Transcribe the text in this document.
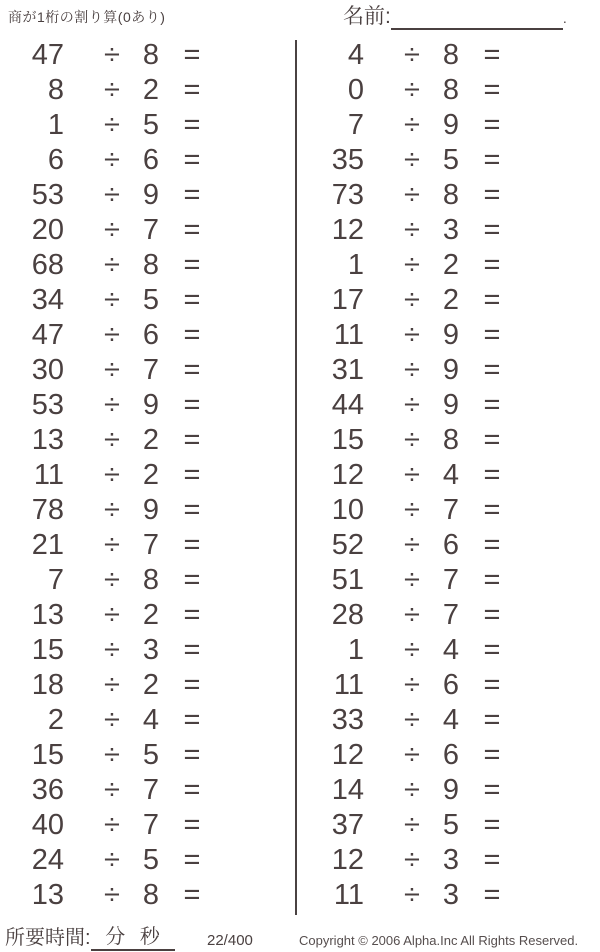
商が1桁の割り算(0あり)	名前:	.
47	÷ 8 =
8	÷ 2 =
1	÷ 5 =
6	÷ 6 =
53	÷ 9 =
20	÷ 7 =
68	÷ 8 =
34	÷ 5 =
47	÷ 6 =
30	÷ 7 =
53	÷ 9 =
13	÷ 2 =
11	÷ 2 =
78	÷ 9 =
21	÷ 7 =
7	÷ 8 =
13	÷ 2 =
15	÷ 3 =
18	÷ 2 =
2	÷ 4 =
15	÷ 5 =
36	÷ 7 =
40	÷ 7 =
24	÷ 5 =
13	÷ 8 =
4	÷ 8 =
0	÷ 8 =
7	÷ 9 =
35	÷ 5 =
73	÷ 8 =
12	÷ 3 =
1	÷ 2 =
17	÷ 2 =
11	÷ 9 =
31	÷ 9 =
44	÷ 9 =
15	÷ 8 =
12	÷ 4 =
10	÷ 7 =
52	÷ 6 =
51	÷ 7 =
28	÷ 7 =
1	÷ 4 =
11	÷ 6 =
33	÷ 4 =
12	÷ 6 =
14	÷ 9 =
37	÷ 5 =
12	÷ 3 =
11	÷ 3 =
所要時間: 分 秒	22/400	Copyright © 2006 Alpha.Inc All Rights Reserved.
